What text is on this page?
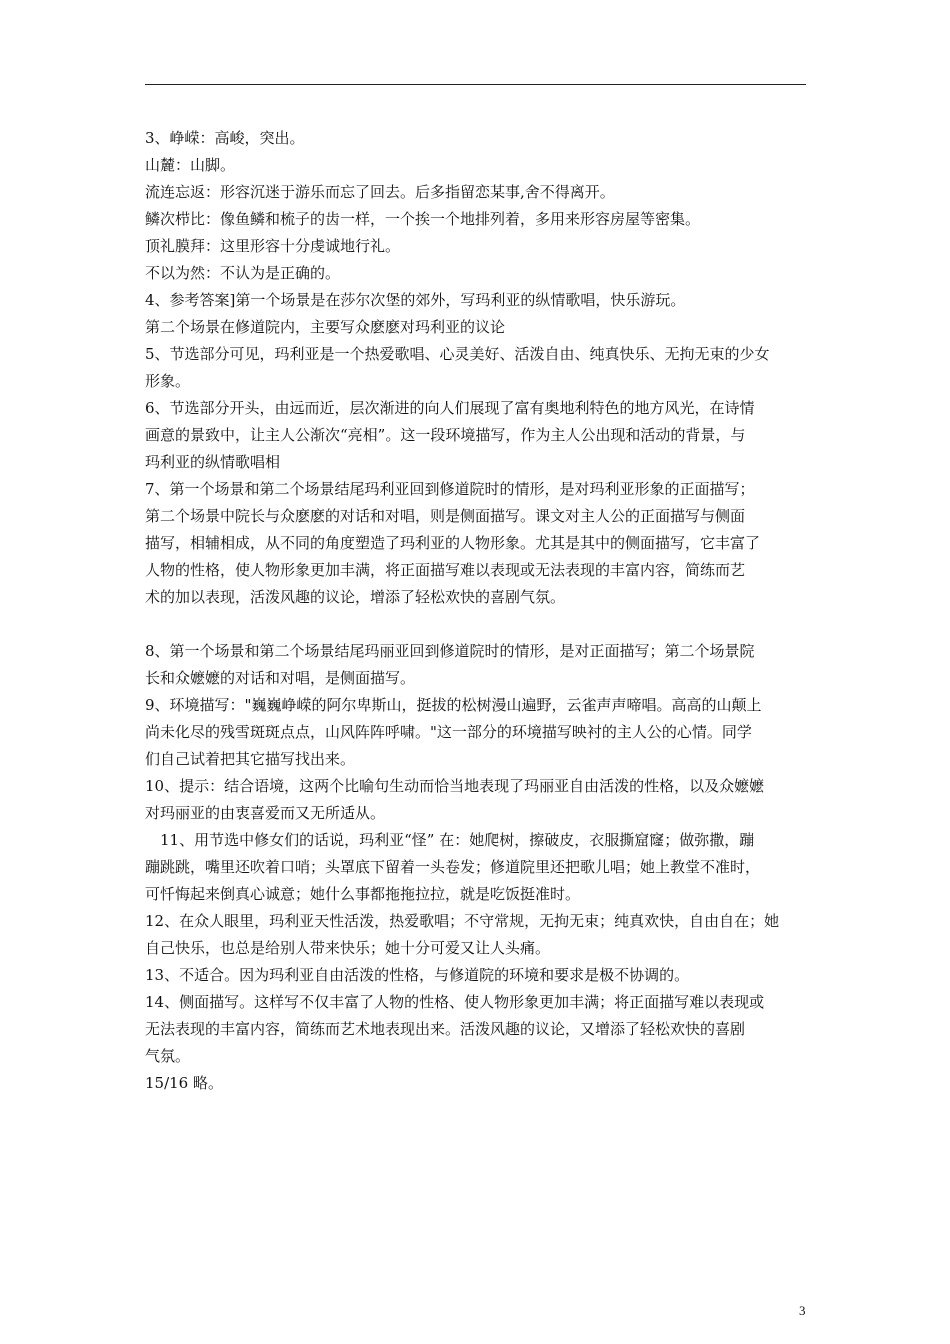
3、峥嵘：高峻，突出。

山麓：山脚。

流连忘返：形容沉迷于游乐而忘了回去。后多指留恋某事,舍不得离开。

鳞次栉比：像鱼鳞和梳子的齿一样，一个挨一个地排列着，多用来形容房屋等密集。

顶礼膜拜：这里形容十分虔诚地行礼。

不以为然：不认为是正确的。

4、参考答案]第一个场景是在莎尔次堡的郊外，写玛利亚的纵情歌唱，快乐游玩。

第二个场景在修道院内，主要写众麽麽对玛利亚的议论

5、节选部分可见，玛利亚是一个热爱歌唱、心灵美好、活泼自由、纯真快乐、无拘无束的少女

形象。

6、节选部分开头，由远而近，层次渐进的向人们展现了富有奥地利特色的地方风光，在诗情

画意的景致中，让主人公渐次“亮相”。这一段环境描写，作为主人公出现和活动的背景，与

玛利亚的纵情歌唱相

7、第一个场景和第二个场景结尾玛利亚回到修道院时的情形，是对玛利亚形象的正面描写；

第二个场景中院长与众麽麽的对话和对唱，则是侧面描写。课文对主人公的正面描写与侧面

描写，相辅相成，从不同的角度塑造了玛利亚的人物形象。尤其是其中的侧面描写，它丰富了

人物的性格，使人物形象更加丰满，将正面描写难以表现或无法表现的丰富内容，简练而艺

术的加以表现，活泼风趣的议论，增添了轻松欢快的喜剧气氛。

8、第一个场景和第二个场景结尾玛丽亚回到修道院时的情形，是对正面描写；第二个场景院

长和众嬷嬷的对话和对唱，是侧面描写。

9、环境描写："巍巍峥嵘的阿尔卑斯山，挺拔的松树漫山遍野，云雀声声啼唱。高高的山颠上

尚未化尽的残雪斑斑点点，山风阵阵呼啸。"这一部分的环境描写映衬的主人公的心情。同学

们自己试着把其它描写找出来。

10、提示：结合语境，这两个比喻句生动而恰当地表现了玛丽亚自由活泼的性格，以及众嬷嬷

对玛丽亚的由衷喜爱而又无所适从。

11、用节选中修女们的话说，玛利亚“怪” 在：她爬树，擦破皮，衣服撕窟窿；做弥撒，蹦

蹦跳跳，嘴里还吹着口哨；头罩底下留着一头卷发；修道院里还把歌儿唱；她上教堂不准时，

可忏悔起来倒真心诚意；她什么事都拖拖拉拉，就是吃饭挺准时。

12、在众人眼里，玛利亚天性活泼，热爱歌唱；不守常规，无拘无束；纯真欢快，自由自在；她

自己快乐，也总是给别人带来快乐；她十分可爱又让人头痛。

13、不适合。因为玛利亚自由活泼的性格，与修道院的环境和要求是极不协调的。

14、侧面描写。这样写不仅丰富了人物的性格、使人物形象更加丰满；将正面描写难以表现或

无法表现的丰富内容，简练而艺术地表现出来。活泼风趣的议论，又增添了轻松欢快的喜剧

气氛。

15/16 略。

3
